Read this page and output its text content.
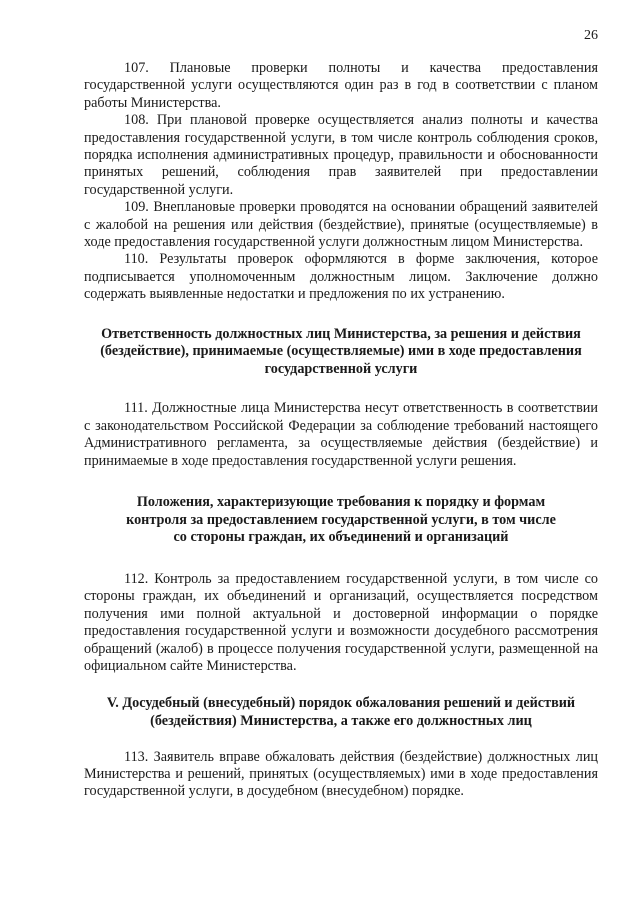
26

107. Плановые проверки полноты и качества предоставления государственной услуги осуществляются один раз в год в соответствии с планом работы Министерства.

108. При плановой проверке осуществляется анализ полноты и качества предоставления государственной услуги, в том числе контроль соблюдения сроков, порядка исполнения административных процедур, правильности и обоснованности принятых решений, соблюдения прав заявителей при предоставлении государственной услуги.

109. Внеплановые проверки проводятся на основании обращений заявителей с жалобой на решения или действия (бездействие), принятые (осуществляемые) в ходе предоставления государственной услуги должностным лицом Министерства.

110. Результаты проверок оформляются в форме заключения, которое подписывается уполномоченным должностным лицом. Заключение должно содержать выявленные недостатки и предложения по их устранению.

Ответственность должностных лиц Министерства, за решения и действия (бездействие), принимаемые (осуществляемые) ими в ходе предоставления государственной услуги

111. Должностные лица Министерства несут ответственность в соответствии с законодательством Российской Федерации за соблюдение требований настоящего Административного регламента, за осуществляемые действия (бездействие) и принимаемые в ходе предоставления государственной услуги решения.

Положения, характеризующие требования к порядку и формам контроля за предоставлением государственной услуги, в том числе со стороны граждан, их объединений и организаций

112. Контроль за предоставлением государственной услуги, в том числе со стороны граждан, их объединений и организаций, осуществляется посредством получения ими полной актуальной и достоверной информации о порядке предоставления государственной услуги и возможности досудебного рассмотрения обращений (жалоб) в процессе получения государственной услуги, размещенной на официальном сайте Министерства.

V. Досудебный (внесудебный) порядок обжалования решений и действий (бездействия) Министерства, а также его должностных лиц

113. Заявитель вправе обжаловать действия (бездействие) должностных лиц Министерства и решений, принятых (осуществляемых) ими в ходе предоставления государственной услуги, в досудебном (внесудебном) порядке.
